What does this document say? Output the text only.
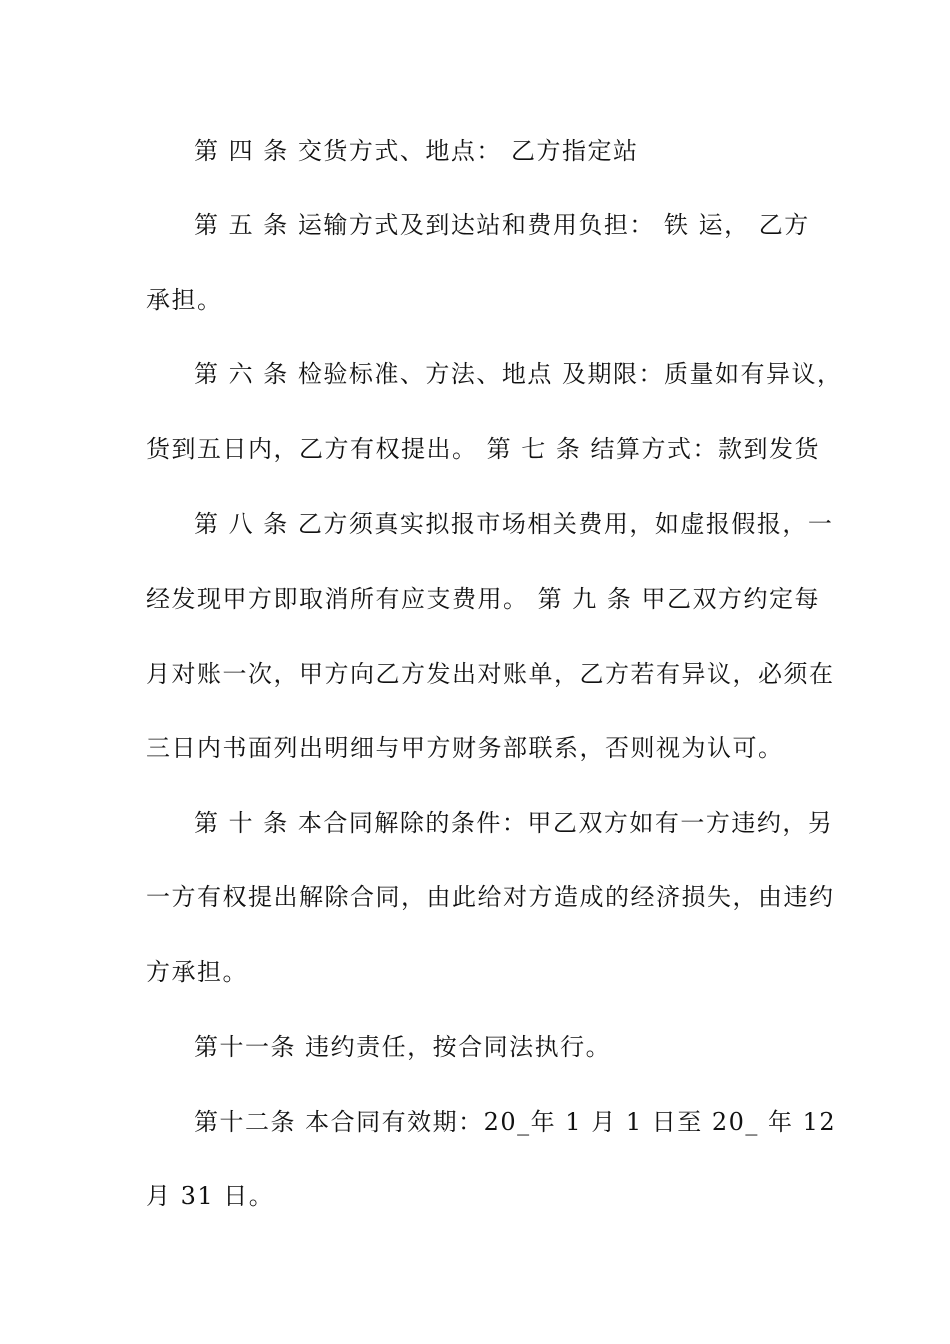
第 四 条 交货方式、地点： 乙方指定站
第 五 条 运输方式及到达站和费用负担： 铁 运， 乙方
承担。
第 六 条 检验标准、方法、地点 及期限：质量如有异议，
货到五日内，乙方有权提出。 第 七 条 结算方式：款到发货
第 八 条 乙方须真实拟报市场相关费用，如虚报假报，一
经发现甲方即取消所有应支费用。 第 九 条 甲乙双方约定每
月对账一次，甲方向乙方发出对账单，乙方若有异议，必须在
三日内书面列出明细与甲方财务部联系，否则视为认可。
第 十 条 本合同解除的条件：甲乙双方如有一方违约，另
一方有权提出解除合同，由此给对方造成的经济损失，由违约
方承担。
第十一条 违约责任，按合同法执行。
第十二条 本合同有效期：20_年 1 月 1 日至 20_ 年 12
月 31 日。
